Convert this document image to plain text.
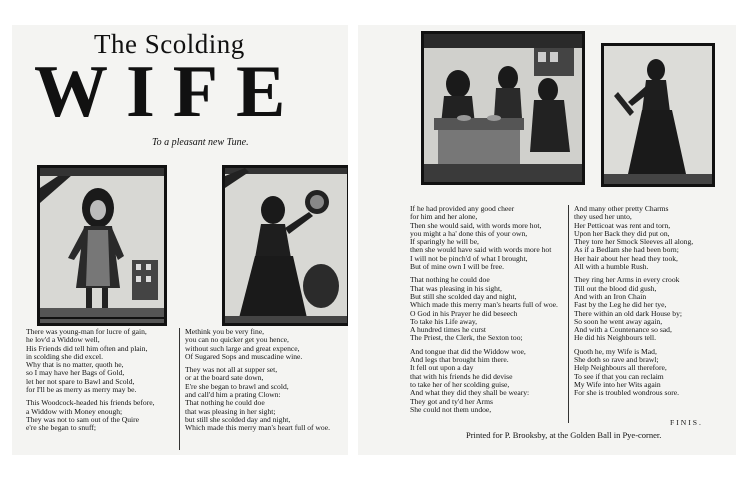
The Scolding
WIFE
To a pleasant new Tune.
There was young-man for lucre of gain,
he lov'd a Widdow well,
His Friends did tell him often and plain,
in scolding she did excel.
Why that is no matter, quoth he,
so I may have her Bags of Gold,
let her not spare to Bawl and Scold,
for I'll be as merry as merry may be.
This Woodcock-headed his friends before,
a Widdow with Money enough;
They was not to sam out of the Quire
e're she began to snuff;
Methink you be very fine,
you can no quicker get you hence,
without such large and great expence,
Of Sugared Sops and muscadine wine.
They was not all at supper set,
or at the board sate down,
E're she began to brawl and scold,
and call'd him a prating Clown:
That nothing he could doe
that was pleasing in her sight;
but still she scolded day and night,
Which made this merry man's heart full of woe.
If he had provided any good cheer
for him and her alone,
Then she would said, with words more hot,
you might a ha' done this of your own,
If sparingly he will be,
then she would have said with words more hot
I will not be pinch'd of what I brought,
But of mine own I will be free.
That nothing he could doe
That was pleasing in his sight,
But still she scolded day and night,
Which made this merry man's hearts full of woe.
O God in his Prayer he did beseech
To take his Life away,
A hundred times he curst
The Priest, the Clerk, the Sexton too;
And tongue that did the Widdow woe,
And legs that brought him there.
It fell out upon a day
that with his friends he did devise
to take her of her scolding guise,
And what they did they shall be weary:
They got and ty'd her Arms
She could not them undoe,
And many other pretty Charms
they used her unto,
Her Petticoat was rent and torn,
Upon her Back they did put on,
They tore her Smock Sleeves all along,
As if a Bedlam she had been born;
Her hair about her head they took,
All with a humble Rush.
They ring her Arms in every crook
Till out the blood did gush,
And with an Iron Chain
Fast by the Leg he did her tye,
There within an old dark House by;
So soon he went away again,
And with a Countenance so sad,
He did his Neighbours tell.
Quoth he, my Wife is Mad,
She doth so rave and brawl;
Help Neighbours all therefore,
To see if that you can reclaim
My Wife into her Wits again
For she is troubled wondrous sore.
FINIS.
Printed for P. Brooksby, at the Golden Ball in Pye-corner.
